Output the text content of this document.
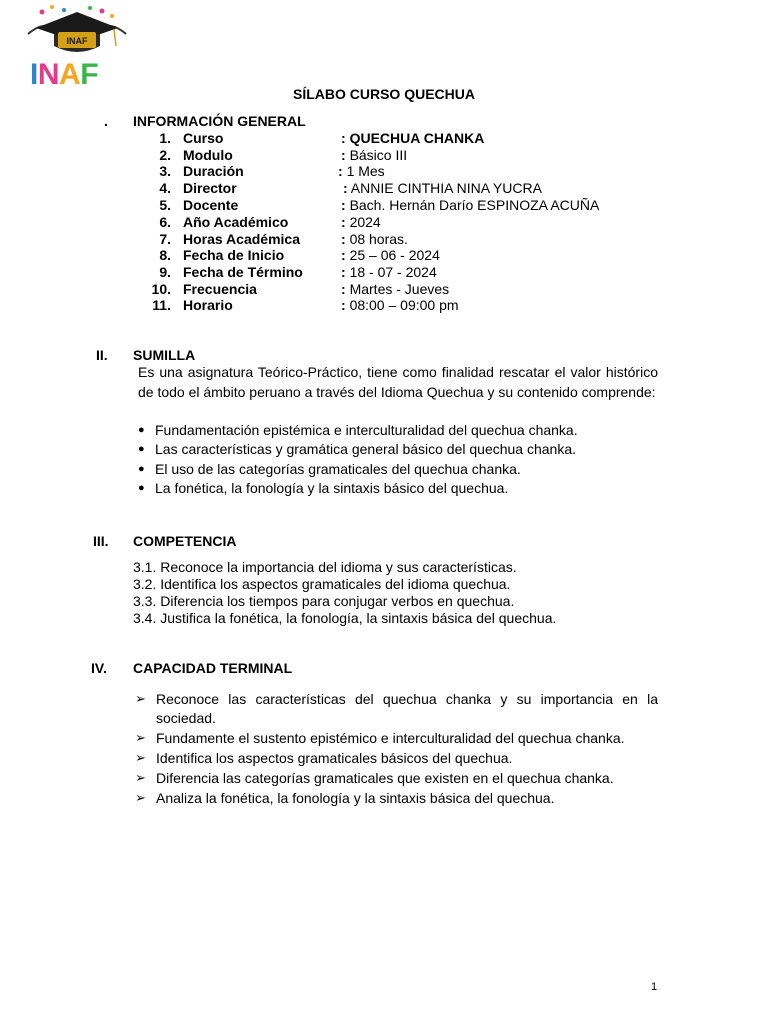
INAF
INAF
SÍLABO CURSO QUECHUA
. INFORMACIÓN GENERAL
1. Curso	: QUECHUA CHANKA
2. Modulo	: Básico III
3. Duración	: 1 Mes
4. Director	: ANNIE CINTHIA NINA YUCRA
5. Docente	: Bach. Hernán Darío ESPINOZA ACUÑA
6. Año Académico	: 2024
7. Horas Académica	: 08 horas.
8. Fecha de Inicio	: 25 – 06 - 2024
9. Fecha de Término	: 18 - 07 - 2024
10. Frecuencia	: Martes - Jueves
11. Horario	: 08:00 – 09:00 pm
II. SUMILLA
Es una asignatura Teórico-Práctico, tiene como finalidad rescatar el valor histórico de todo el ámbito peruano a través del Idioma Quechua y su contenido comprende:
● Fundamentación epistémica e interculturalidad del quechua chanka.
● Las características y gramática general básico del quechua chanka.
● El uso de las categorías gramaticales del quechua chanka.
● La fonética, la fonología y la sintaxis básico del quechua.
III. COMPETENCIA
3.1. Reconoce la importancia del idioma y sus características.
3.2. Identifica los aspectos gramaticales del idioma quechua.
3.3. Diferencia los tiempos para conjugar verbos en quechua.
3.4. Justifica la fonética, la fonología, la sintaxis básica del quechua.
IV. CAPACIDAD TERMINAL
➢ Reconoce las características del quechua chanka y su importancia en la sociedad.
➢ Fundamente el sustento epistémico e interculturalidad del quechua chanka.
➢ Identifica los aspectos gramaticales básicos del quechua.
➢ Diferencia las categorías gramaticales que existen en el quechua chanka.
➢ Analiza la fonética, la fonología y la sintaxis básica del quechua.
1
